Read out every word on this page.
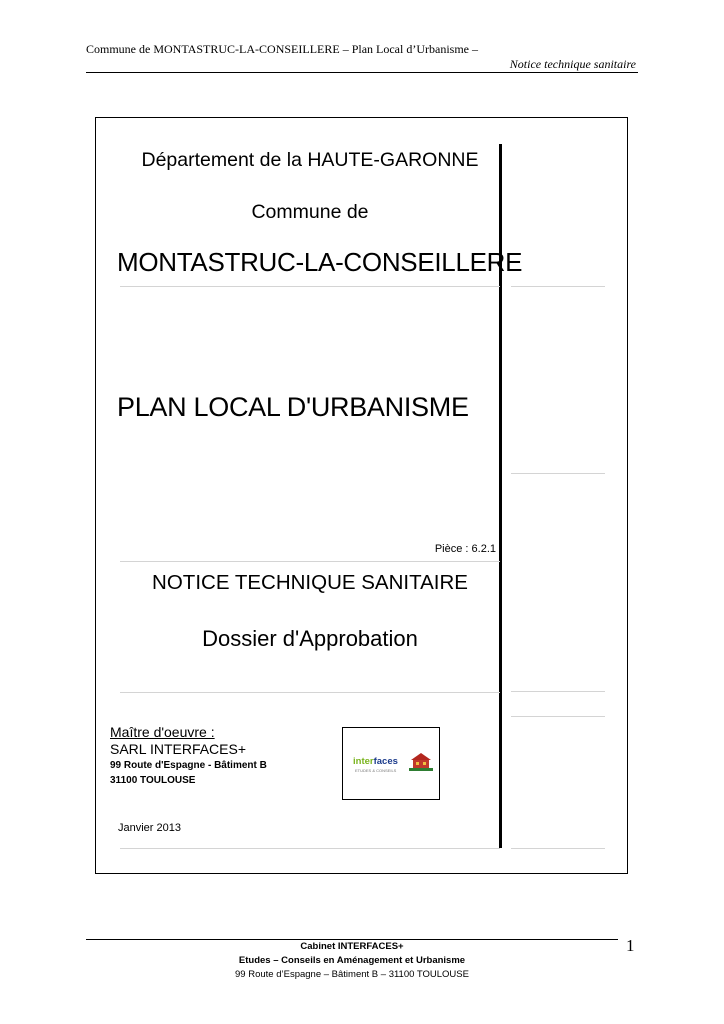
Commune de MONTASTRUC-LA-CONSEILLERE – Plan Local d’Urbanisme –
Notice technique sanitaire
Département de la HAUTE-GARONNE
Commune de
MONTASTRUC-LA-CONSEILLERE
PLAN LOCAL D'URBANISME
Pièce : 6.2.1
NOTICE TECHNIQUE SANITAIRE
Dossier d'Approbation
Maître d'oeuvre :
SARL INTERFACES+
99 Route d'Espagne - Bâtiment B
31100 TOULOUSE
Janvier 2013
interfaces
ETUDES & CONSEILS
1
Cabinet INTERFACES+
Etudes – Conseils en Aménagement et Urbanisme
99 Route d’Espagne – Bâtiment B – 31100 TOULOUSE
